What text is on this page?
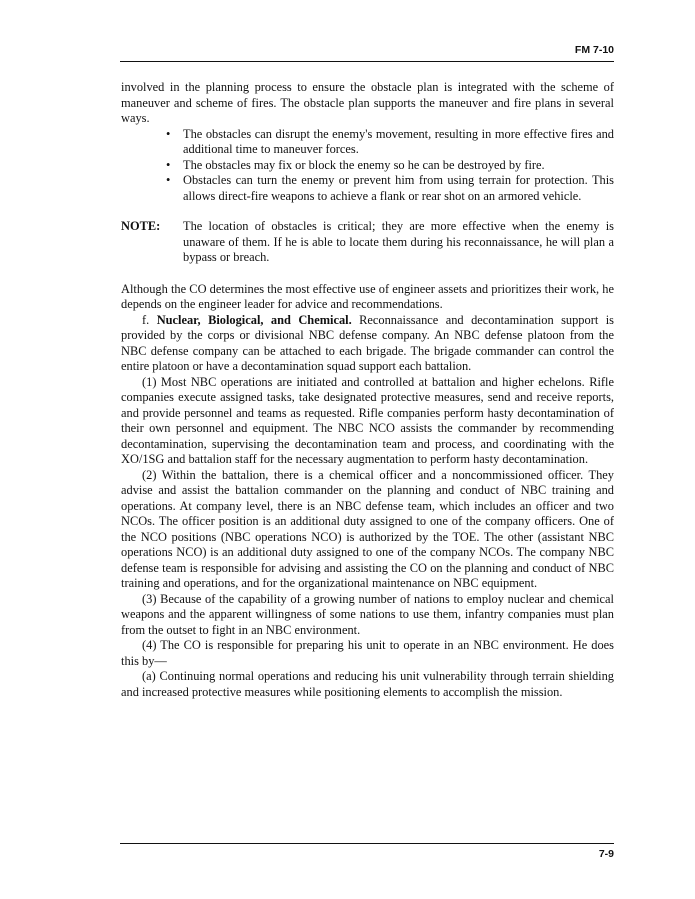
FM 7-10

involved in the planning process to ensure the obstacle plan is integrated with the scheme of maneuver and scheme of fires. The obstacle plan supports the maneuver and fire plans in several ways.

• The obstacles can disrupt the enemy's movement, resulting in more effective fires and additional time to maneuver forces.
• The obstacles may fix or block the enemy so he can be destroyed by fire.
• Obstacles can turn the enemy or prevent him from using terrain for protection. This allows direct-fire weapons to achieve a flank or rear shot on an armored vehicle.
NOTE:	The location of obstacles is critical; they are more effective when the enemy is unaware of them. If he is able to locate them during his reconnaissance, he will plan a bypass or breach.

Although the CO determines the most effective use of engineer assets and prioritizes their work, he depends on the engineer leader for advice and recommendations.

f. Nuclear, Biological, and Chemical. Reconnaissance and decontamination support is provided by the corps or divisional NBC defense company. An NBC defense platoon from the NBC defense company can be attached to each brigade. The brigade commander can control the entire platoon or have a decontamination squad support each battalion.

(1) Most NBC operations are initiated and controlled at battalion and higher echelons. Rifle companies execute assigned tasks, take designated protective measures, send and receive reports, and provide personnel and teams as requested. Rifle companies perform hasty decontamination of their own personnel and equipment. The NBC NCO assists the commander by recommending decontamination, supervising the decontamination team and process, and coordinating with the XO/1SG and battalion staff for the necessary augmentation to perform hasty decontamination.

(2) Within the battalion, there is a chemical officer and a noncommissioned officer. They advise and assist the battalion commander on the planning and conduct of NBC training and operations. At company level, there is an NBC defense team, which includes an officer and two NCOs. The officer position is an additional duty assigned to one of the company officers. One of the NCO positions (NBC operations NCO) is authorized by the TOE. The other (assistant NBC operations NCO) is an additional duty assigned to one of the company NCOs. The company NBC defense team is responsible for advising and assisting the CO on the planning and conduct of NBC training and operations, and for the organizational maintenance on NBC equipment.

(3) Because of the capability of a growing number of nations to employ nuclear and chemical weapons and the apparent willingness of some nations to use them, infantry companies must plan from the outset to fight in an NBC environment.

(4) The CO is responsible for preparing his unit to operate in an NBC environment. He does this by—

(a) Continuing normal operations and reducing his unit vulnerability through terrain shielding and increased protective measures while positioning elements to accomplish the mission.

7-9
